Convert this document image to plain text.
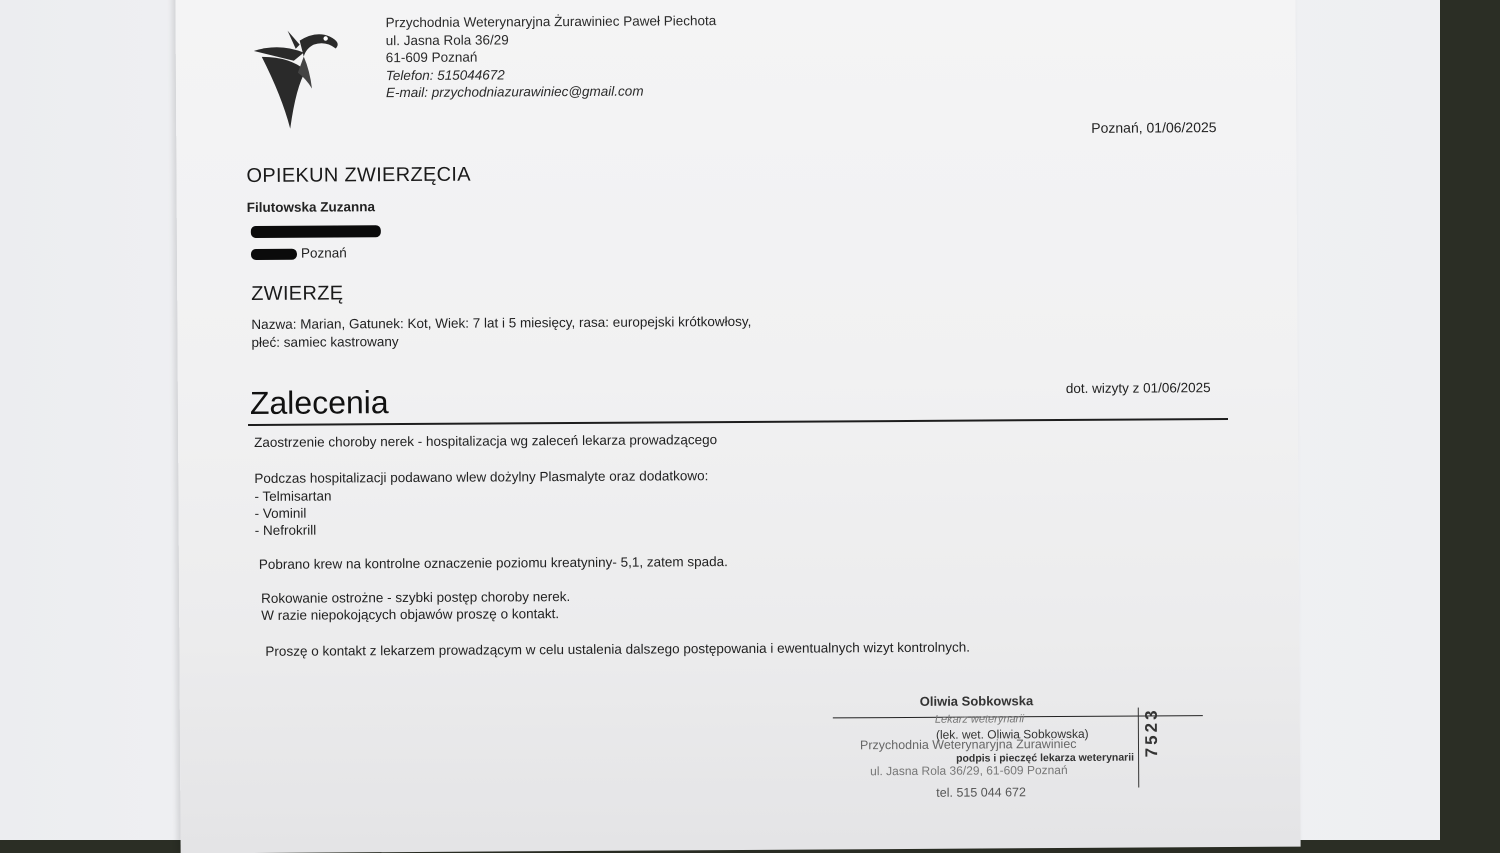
Przychodnia Weterynaryjna Żurawiniec Paweł Piechota
ul. Jasna Rola 36/29
61-609 Poznań
Telefon: 515044672
E-mail: przychodniazurawiniec@gmail.com
Poznań, 01/06/2025
OPIEKUN ZWIERZĘCIA
Filutowska Zuzanna
Poznań
ZWIERZĘ
Nazwa: Marian, Gatunek: Kot, Wiek: 7 lat i 5 miesięcy, rasa: europejski krótkowłosy,
płeć: samiec kastrowany
Zalecenia	dot. wizyty z 01/06/2025
Zaostrzenie choroby nerek - hospitalizacja wg zaleceń lekarza prowadzącego
Podczas hospitalizacji podawano wlew dożylny Plasmalyte oraz dodatkowo:
- Telmisartan
- Vominil
- Nefrokrill
Pobrano krew na kontrolne oznaczenie poziomu kreatyniny- 5,1, zatem spada.
Rokowanie ostrożne - szybki postęp choroby nerek.
W razie niepokojących objawów proszę o kontakt.
Proszę o kontakt z lekarzem prowadzącym w celu ustalenia dalszego postępowania i ewentualnych wizyt kontrolnych.
Oliwia Sobkowska
Lekarz weterynarii
(lek. wet. Oliwia Sobkowska)
Przychodnia Weterynaryjna Żurawiniec
podpis i pieczęć lekarza weterynarii
ul. Jasna Rola 36/29, 61-609 Poznań
tel. 515 044 672
7523
